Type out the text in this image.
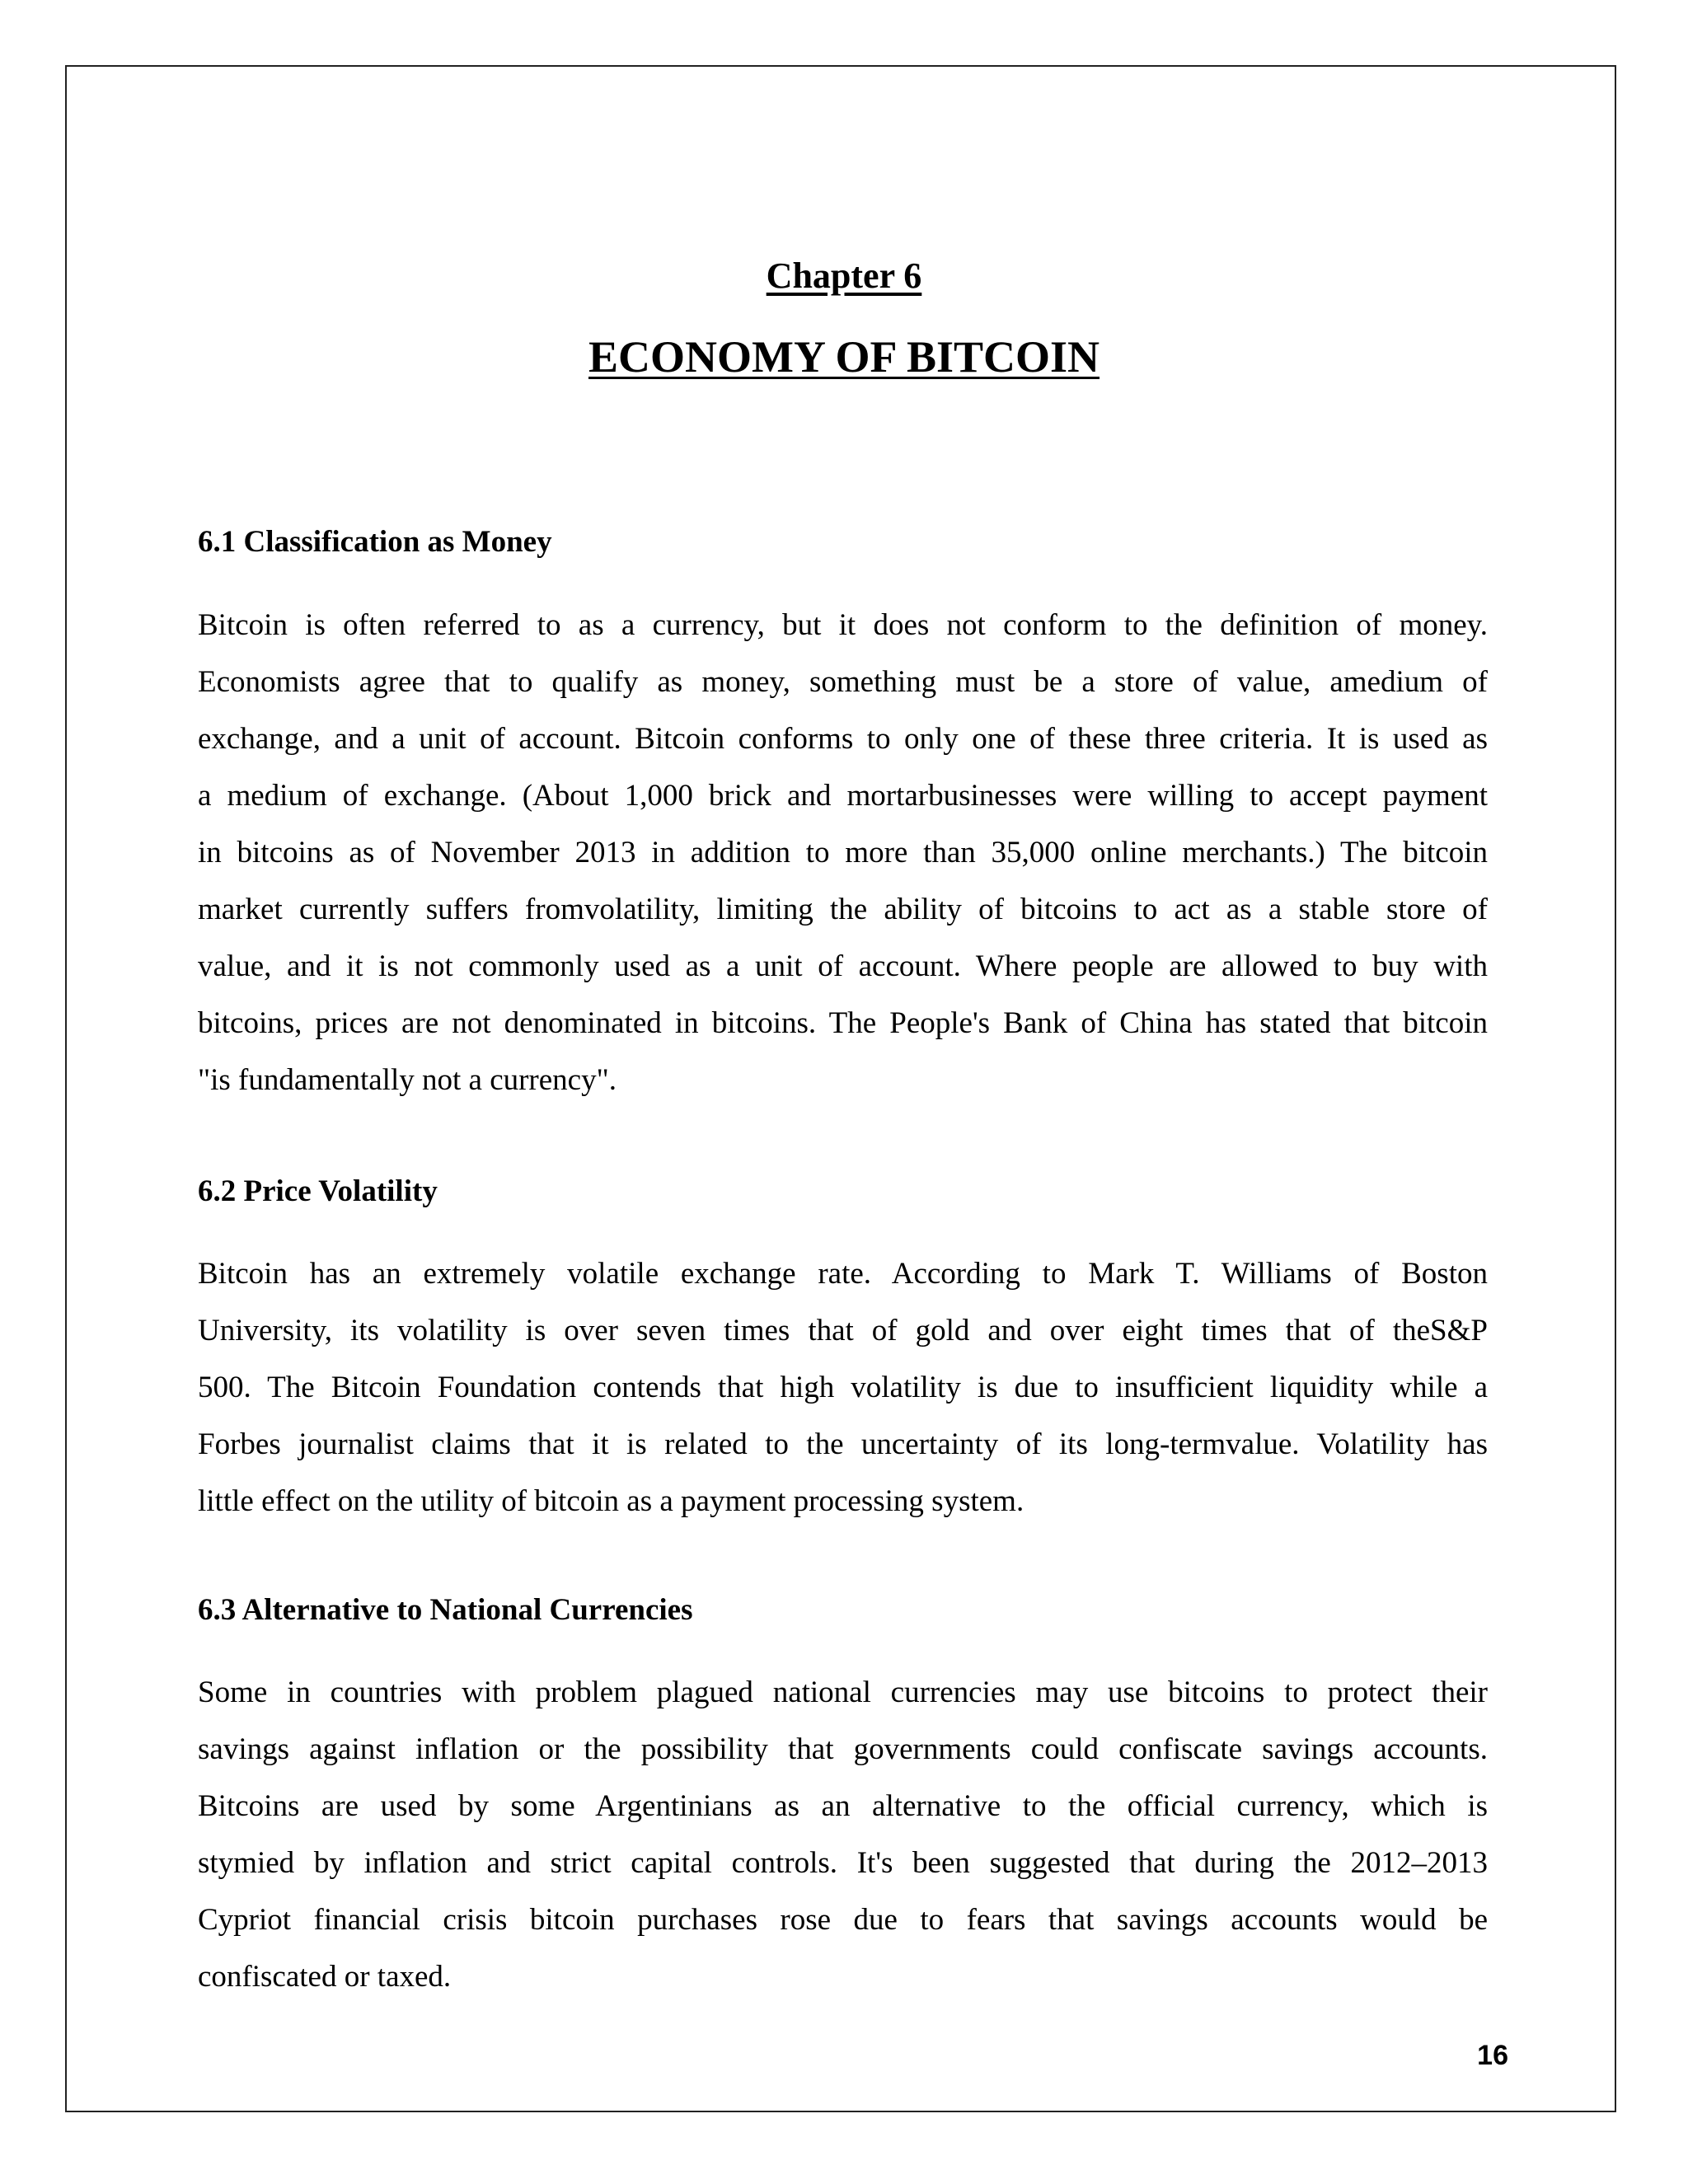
Chapter 6
ECONOMY OF BITCOIN
6.1 Classification as Money
Bitcoin is often referred to as a currency, but it does not conform to the definition of money.
Economists agree that to qualify as money, something must be a store of value, amedium of
exchange, and a unit of account. Bitcoin conforms to only one of these three criteria. It is used as
a medium of exchange. (About 1,000 brick and mortarbusinesses were willing to accept payment
in bitcoins as of November 2013 in addition to more than 35,000 online merchants.) The bitcoin
market currently suffers fromvolatility, limiting the ability of bitcoins to act as a stable store of
value, and it is not commonly used as a unit of account. Where people are allowed to buy with
bitcoins, prices are not denominated in bitcoins. The People's Bank of China has stated that bitcoin
"is fundamentally not a currency".
6.2 Price Volatility
Bitcoin has an extremely volatile exchange rate. According to Mark T. Williams of Boston
University, its volatility is over seven times that of gold and over eight times that of theS&P
500. The Bitcoin Foundation contends that high volatility is due to insufficient liquidity while a
Forbes journalist claims that it is related to the uncertainty of its long-termvalue. Volatility has
little effect on the utility of bitcoin as a payment processing system.
6.3 Alternative to National Currencies
Some in countries with problem plagued national currencies may use bitcoins to protect their
savings against inflation or the possibility that governments could confiscate savings accounts.
Bitcoins are used by some Argentinians as an alternative to the official currency, which is
stymied by inflation and strict capital controls. It's been suggested that during the 2012–2013
Cypriot financial crisis bitcoin purchases rose due to fears that savings accounts would be
confiscated or taxed.

16
